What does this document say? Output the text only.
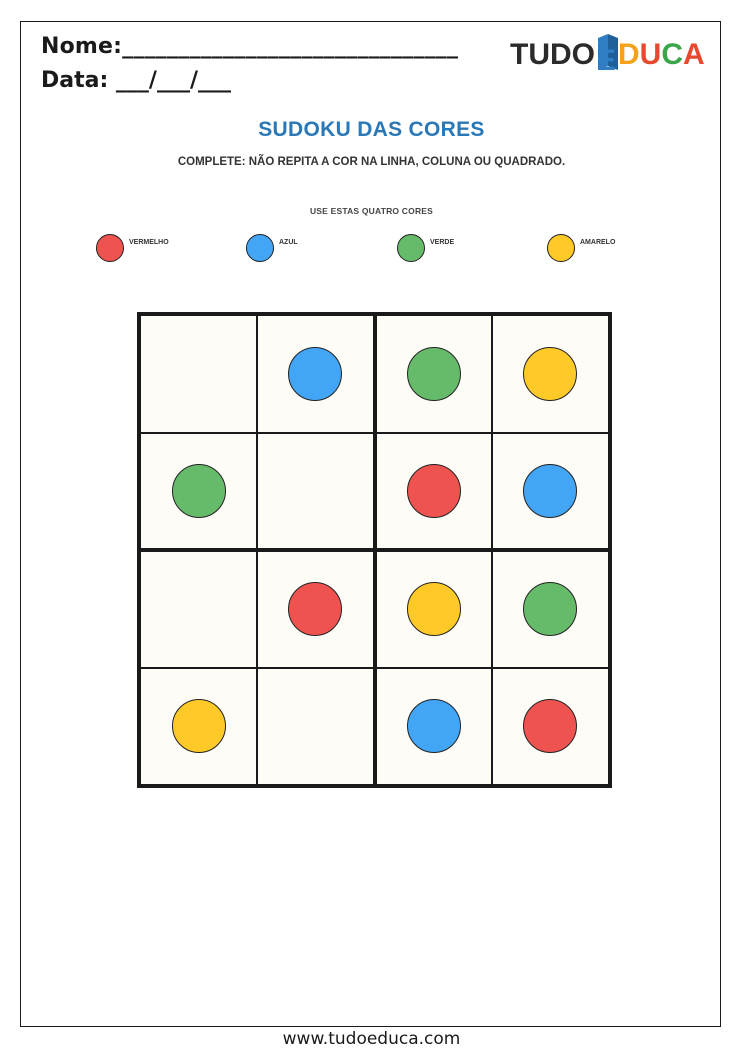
Nome:______________________________
Data: ___/___/___
TUDO E DUCA
SUDOKU DAS CORES
COMPLETE: NÃO REPITA A COR NA LINHA, COLUNA OU QUADRADO.
USE ESTAS QUATRO CORES
VERMELHO	AZUL	VERDE	AMARELO
www.tudoeduca.com
